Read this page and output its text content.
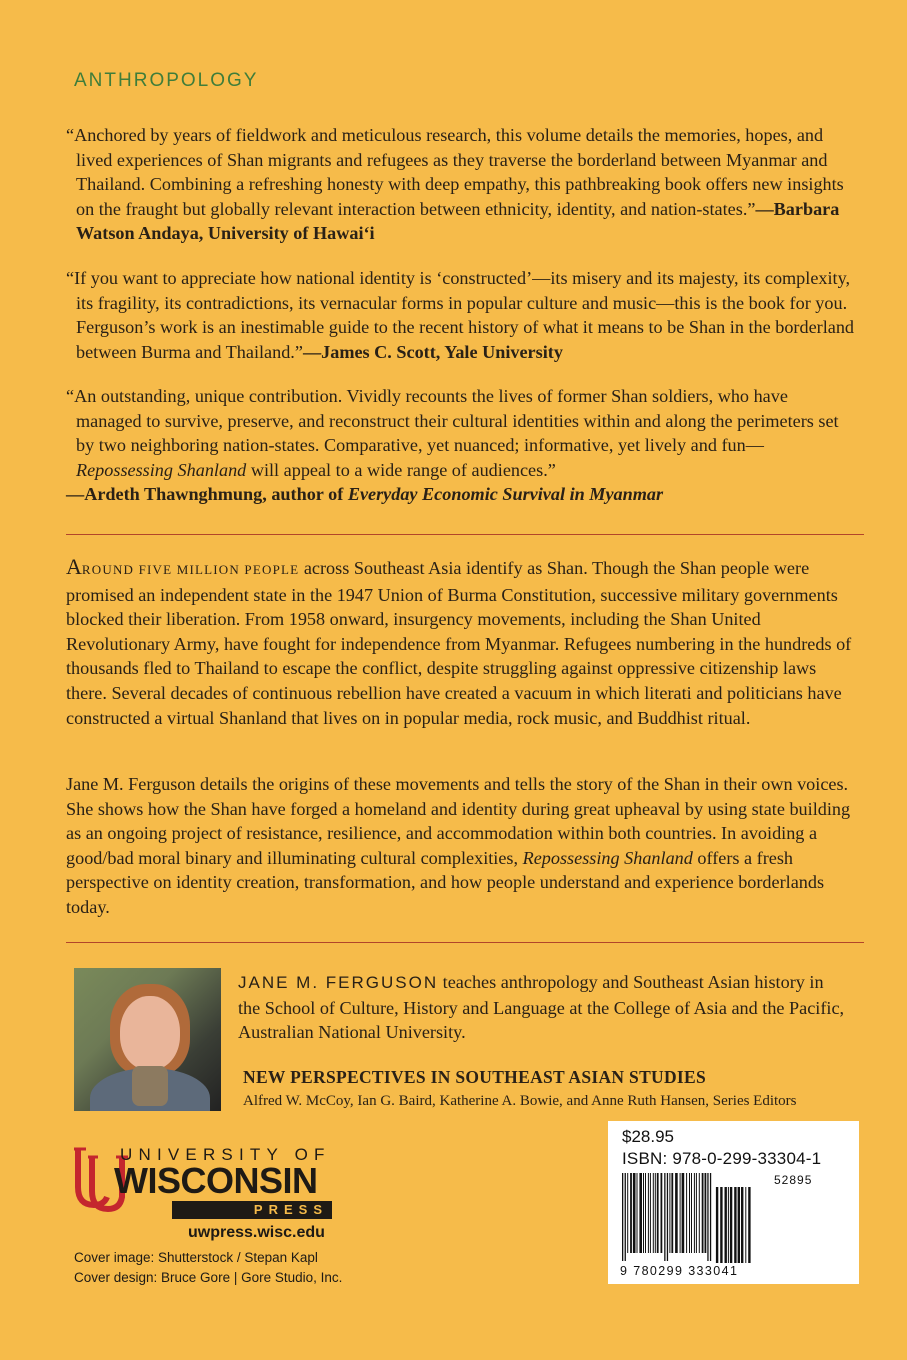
ANTHROPOLOGY

“Anchored by years of fieldwork and meticulous research, this volume details the memories, hopes, and lived experiences of Shan migrants and refugees as they traverse the borderland between Myanmar and Thailand. Combining a refreshing honesty with deep empathy, this pathbreaking book offers new insights on the fraught but globally relevant interaction between ethnicity, identity, and nation-states.”—Barbara Watson Andaya, University of Hawai‘i

“If you want to appreciate how national identity is ‘constructed’—its misery and its majesty, its complexity, its fragility, its contradictions, its vernacular forms in popular culture and music—this is the book for you. Ferguson’s work is an inestimable guide to the recent history of what it means to be Shan in the borderland between Burma and Thailand.”—James C. Scott, Yale University

“An outstanding, unique contribution. Vividly recounts the lives of former Shan soldiers, who have managed to survive, preserve, and reconstruct their cultural identities within and along the perimeters set by two neighboring nation-states. Comparative, yet nuanced; informative, yet lively and fun—Repossessing Shanland will appeal to a wide range of audiences.”
—Ardeth Thawnghmung, author of Everyday Economic Survival in Myanmar

AROUND FIVE MILLION PEOPLE across Southeast Asia identify as Shan. Though the Shan people were promised an independent state in the 1947 Union of Burma Constitution, successive military governments blocked their liberation. From 1958 onward, insurgency movements, including the Shan United Revolutionary Army, have fought for independence from Myanmar. Refugees numbering in the hundreds of thousands fled to Thailand to escape the conflict, despite struggling against oppressive citizenship laws there. Several decades of continuous rebellion have created a vacuum in which literati and politicians have constructed a virtual Shanland that lives on in popular media, rock music, and Buddhist ritual.

Jane M. Ferguson details the origins of these movements and tells the story of the Shan in their own voices. She shows how the Shan have forged a homeland and identity during great upheaval by using state building as an ongoing project of resistance, resilience, and accommodation within both countries. In avoiding a good/bad moral binary and illuminating cultural complexities, Repossessing Shanland offers a fresh perspective on identity creation, transformation, and how people understand and experience borderlands today.

JANE M. FERGUSON teaches anthropology and Southeast Asian history in the School of Culture, History and Language at the College of Asia and the Pacific, Australian National University.

NEW PERSPECTIVES IN SOUTHEAST ASIAN STUDIES

Alfred W. McCoy, Ian G. Baird, Katherine A. Bowie, and Anne Ruth Hansen, Series Editors

UNIVERSITY OF
WISCONSIN
PRESS
uwpress.wisc.edu
Cover image: Shutterstock / Stepan Kapl
Cover design: Bruce Gore | Gore Studio, Inc.
$28.95
ISBN: 978-0-299-33304-1
52895
9 780299 333041
